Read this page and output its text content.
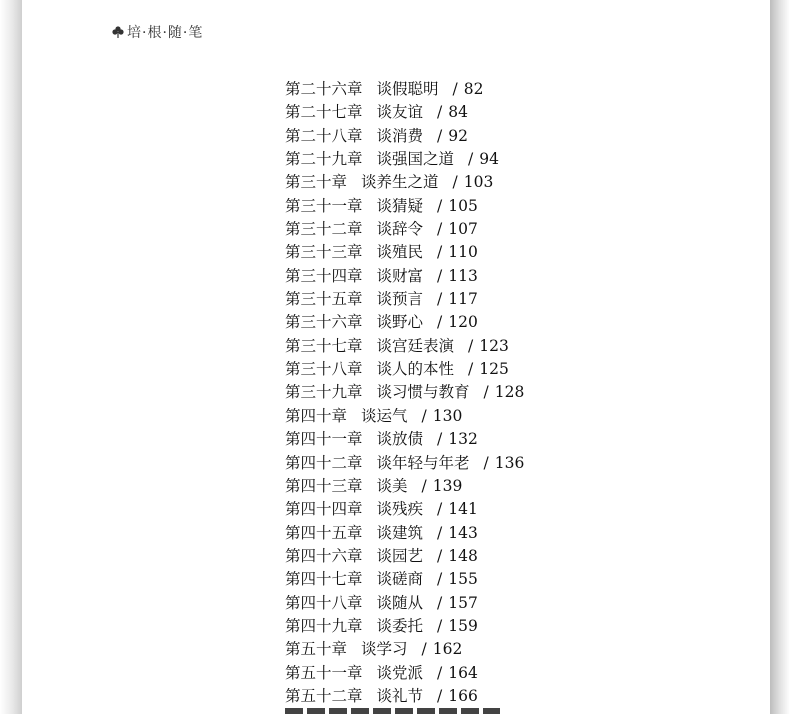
培·根·随·笔
第二十六章 谈假聪明 / 82
第二十七章 谈友谊 / 84
第二十八章 谈消费 / 92
第二十九章 谈强国之道 / 94
第三十章 谈养生之道 / 103
第三十一章 谈猜疑 / 105
第三十二章 谈辞令 / 107
第三十三章 谈殖民 / 110
第三十四章 谈财富 / 113
第三十五章 谈预言 / 117
第三十六章 谈野心 / 120
第三十七章 谈宫廷表演 / 123
第三十八章 谈人的本性 / 125
第三十九章 谈习惯与教育 / 128
第四十章 谈运气 / 130
第四十一章 谈放债 / 132
第四十二章 谈年轻与年老 / 136
第四十三章 谈美 / 139
第四十四章 谈残疾 / 141
第四十五章 谈建筑 / 143
第四十六章 谈园艺 / 148
第四十七章 谈磋商 / 155
第四十八章 谈随从 / 157
第四十九章 谈委托 / 159
第五十章 谈学习 / 162
第五十一章 谈党派 / 164
第五十二章 谈礼节 / 166
